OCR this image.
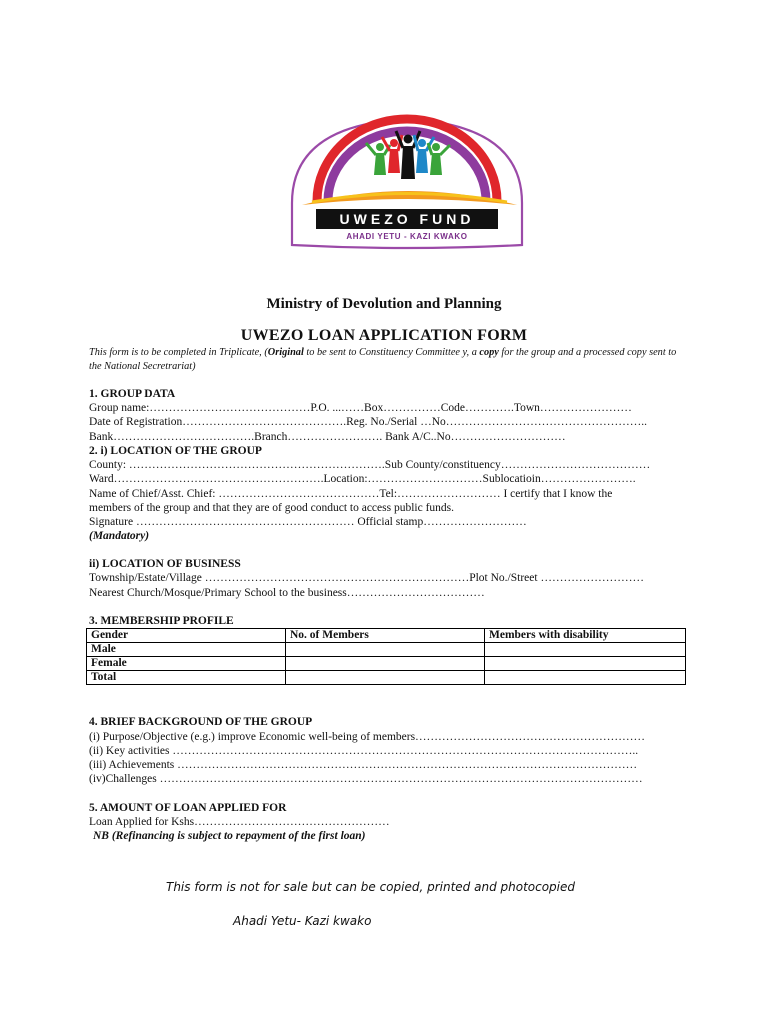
UWEZO FUND
AHADI YETU - KAZI KWAKO
Ministry of Devolution and Planning
UWEZO LOAN APPLICATION FORM
This form is to be completed in Triplicate, (Original to be sent to Constituency Committee y, a copy for the group and a processed copy sent to the National Secretrariat)
1. GROUP DATA
Group name:……………………………………P.O. ...……Box……………Code………….Town……………………
Date of Registration…………………………………….Reg. No./Serial …No……………………………………………..
Bank……………………………….Branch……………………. Bank A/C..No…………………………
2. i) LOCATION OF THE GROUP
County: ………………………………………………………….Sub County/constituency…………………………………
Ward……………………………………………….Location:…………………………Sublocatioin…………………….
Name of Chief/Asst. Chief: ……………………………………Tel:……………………… I certify that I know the
members of the group and that they are of good conduct to access public funds.
Signature ………………………………………………… Official stamp………………………
(Mandatory)
ii) LOCATION OF BUSINESS
Township/Estate/Village ……………………………………………………………Plot No./Street ………………………
Nearest Church/Mosque/Primary School to the business………………………………
3. MEMBERSHIP PROFILE
Gender	No. of Members	Members with disability
Male		
Female		
Total		
4. BRIEF BACKGROUND OF THE GROUP
(i) Purpose/Objective (e.g.) improve Economic well-being of members……………………………………………………
(ii) Key activities …………………………………………………………………………………………………………..
(iii) Achievements …………………………………………………………………………………………………………
(iv)Challenges ………………………………………………………………………………………………………………
5. AMOUNT OF LOAN APPLIED FOR
Loan Applied for Kshs……………………………………………
NB (Refinancing is subject to repayment of the first loan)
This form is not for sale but can be copied, printed and photocopied
Ahadi Yetu- Kazi kwako
